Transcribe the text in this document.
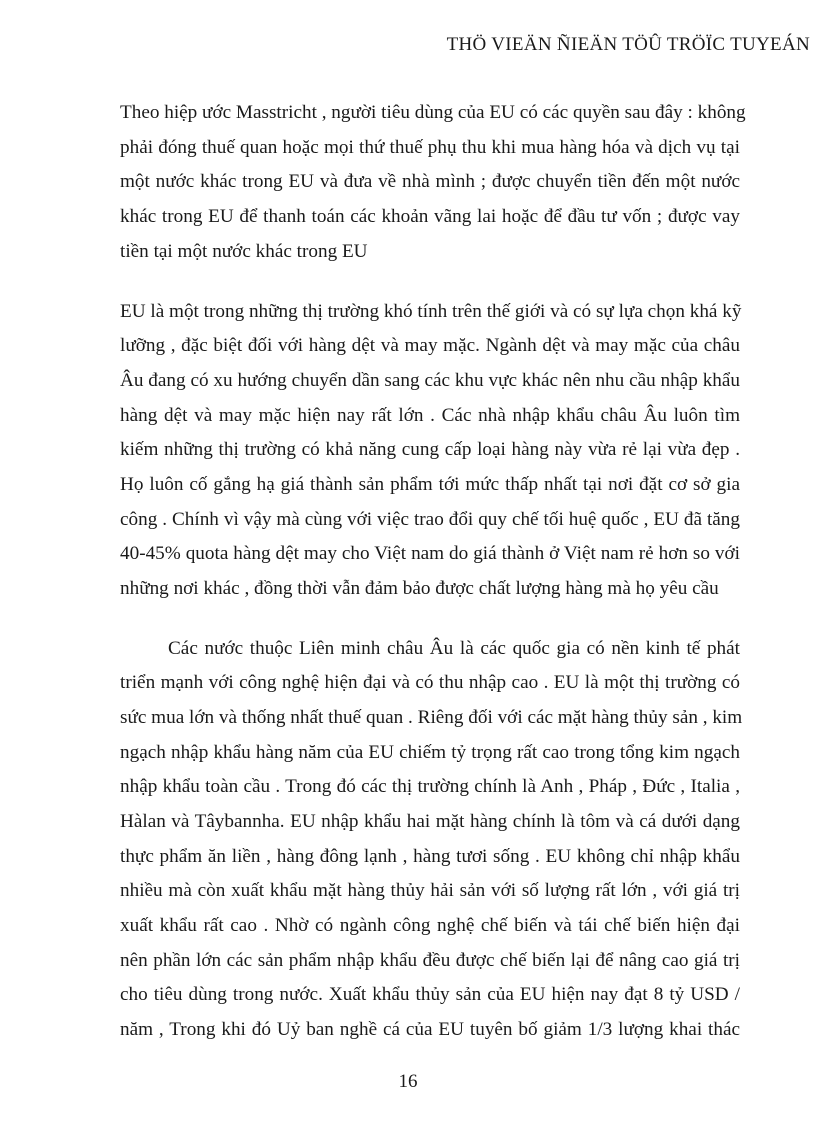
THÖ VIEÄN ÑIEÄN TÖÛ TRÖÏC TUYEÁN
Theo hiệp ước Masstricht , người tiêu dùng của EU có các quyền sau đây : không
phải đóng thuế quan hoặc mọi thứ thuế phụ thu khi mua hàng hóa và dịch vụ tại
một nước khác trong EU và đưa về nhà mình ; được chuyển tiền đến một nước
khác trong EU để thanh toán các khoản vãng lai hoặc để đầu tư vốn ; được vay
tiền tại một nước khác trong EU
EU là một trong những thị trường khó tính trên thế giới và có sự lựa chọn khá kỹ
lưỡng , đặc biệt đối với hàng dệt và may mặc. Ngành dệt và may mặc của châu
Âu đang có xu hướng chuyển dần sang các khu vực khác nên nhu cầu nhập khẩu
hàng dệt và may mặc hiện nay rất lớn . Các nhà nhập khẩu châu Âu luôn tìm
kiếm những thị trường có khả năng cung cấp loại hàng này vừa rẻ lại vừa đẹp .
Họ luôn cố gắng hạ giá thành sản phẩm tới mức thấp nhất tại nơi đặt cơ sở gia
công . Chính vì vậy mà cùng với việc trao đổi quy chế tối huệ quốc , EU đã tăng
40-45% quota hàng dệt may cho Việt nam do giá thành ở Việt nam rẻ hơn so với
những nơi khác , đồng thời vẫn đảm bảo được chất lượng hàng mà họ yêu cầu
Các nước thuộc Liên minh châu Âu là các quốc gia có nền kinh tế phát
triển mạnh với công nghệ hiện đại và có thu nhập cao . EU là một thị trường có
sức mua lớn và thống nhất thuế quan . Riêng đối với các mặt hàng thủy sản , kim
ngạch nhập khẩu hàng năm của EU chiếm tỷ trọng rất cao trong tổng kim ngạch
nhập khẩu toàn cầu . Trong đó các thị trường chính là Anh , Pháp , Đức , Italia ,
Hàlan và Tâybannha. EU nhập khẩu hai mặt hàng chính là tôm và cá dưới dạng
thực phẩm ăn liền , hàng đông lạnh , hàng tươi sống . EU không chỉ nhập khẩu
nhiều mà còn xuất khẩu mặt hàng thủy hải sản với số lượng rất lớn , với giá trị
xuất khẩu rất cao . Nhờ có ngành công nghệ chế biến và tái chế biến hiện đại
nên phần lớn các sản phẩm nhập khẩu đều được chế biến lại để nâng cao giá trị
cho tiêu dùng trong nước. Xuất khẩu thủy sản của EU hiện nay đạt 8 tỷ USD /
năm , Trong khi đó Uỷ ban nghề cá của EU tuyên bố giảm 1/3 lượng khai thác
16
